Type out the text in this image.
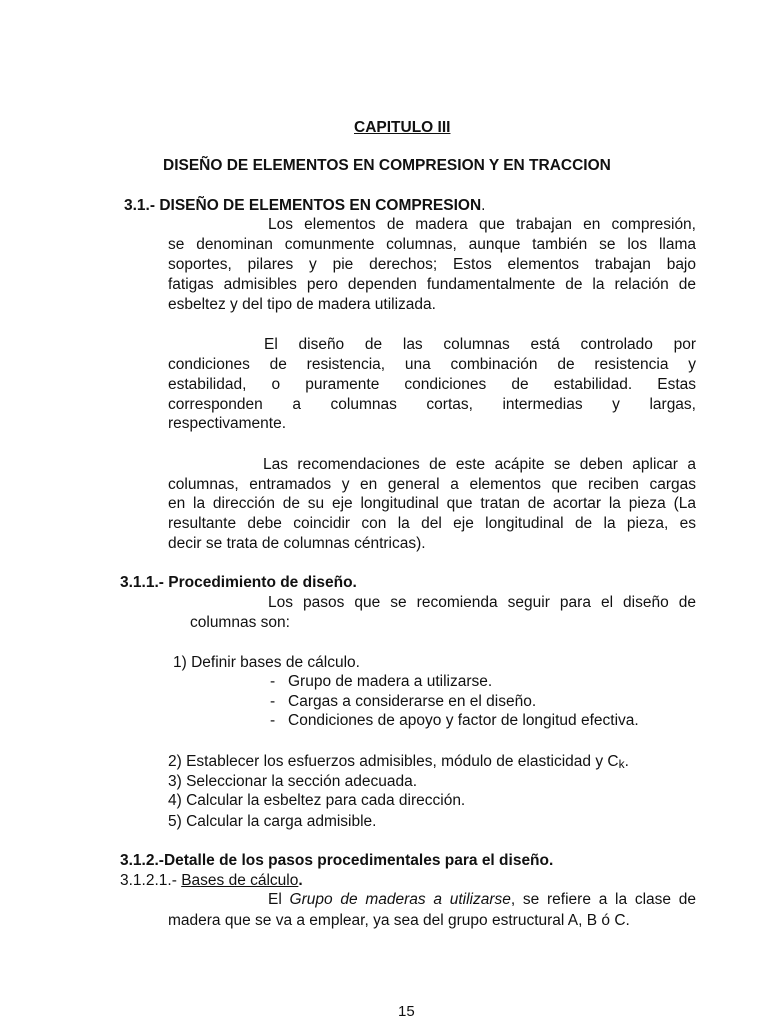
CAPITULO III
DISEÑO DE ELEMENTOS EN COMPRESION Y EN TRACCION
3.1.- DISEÑO DE ELEMENTOS EN COMPRESION.
Los elementos de madera que trabajan en compresión,
se denominan comunmente columnas, aunque también se los llama
soportes, pilares y pie derechos; Estos elementos trabajan bajo
fatigas admisibles pero dependen fundamentalmente de la relación de
esbeltez y del tipo de madera utilizada.
El diseño de las columnas está controlado por
condiciones de resistencia, una combinación de resistencia y
estabilidad, o puramente condiciones de estabilidad. Estas
corresponden a columnas cortas, intermedias y largas,
respectivamente.
Las recomendaciones de este acápite se deben aplicar a
columnas, entramados y en general a elementos que reciben cargas
en la dirección de su eje longitudinal que tratan de acortar la pieza (La
resultante debe coincidir con la del eje longitudinal de la pieza, es
decir se trata de columnas céntricas).
3.1.1.- Procedimiento de diseño.
Los pasos que se recomienda seguir para el diseño de
columnas son:
1) Definir bases de cálculo.
- Grupo de madera a utilizarse.
- Cargas a considerarse en el diseño.
- Condiciones de apoyo y factor de longitud efectiva.
2) Establecer los esfuerzos admisibles, módulo de elasticidad y Ck.
3) Seleccionar la sección adecuada.
4) Calcular la esbeltez para cada dirección.
5) Calcular la carga admisible.
3.1.2.-Detalle de los pasos procedimentales para el diseño.
3.1.2.1.- Bases de cálculo.
El Grupo de maderas a utilizarse, se refiere a la clase de
madera que se va a emplear, ya sea del grupo estructural A, B ó C.
15
